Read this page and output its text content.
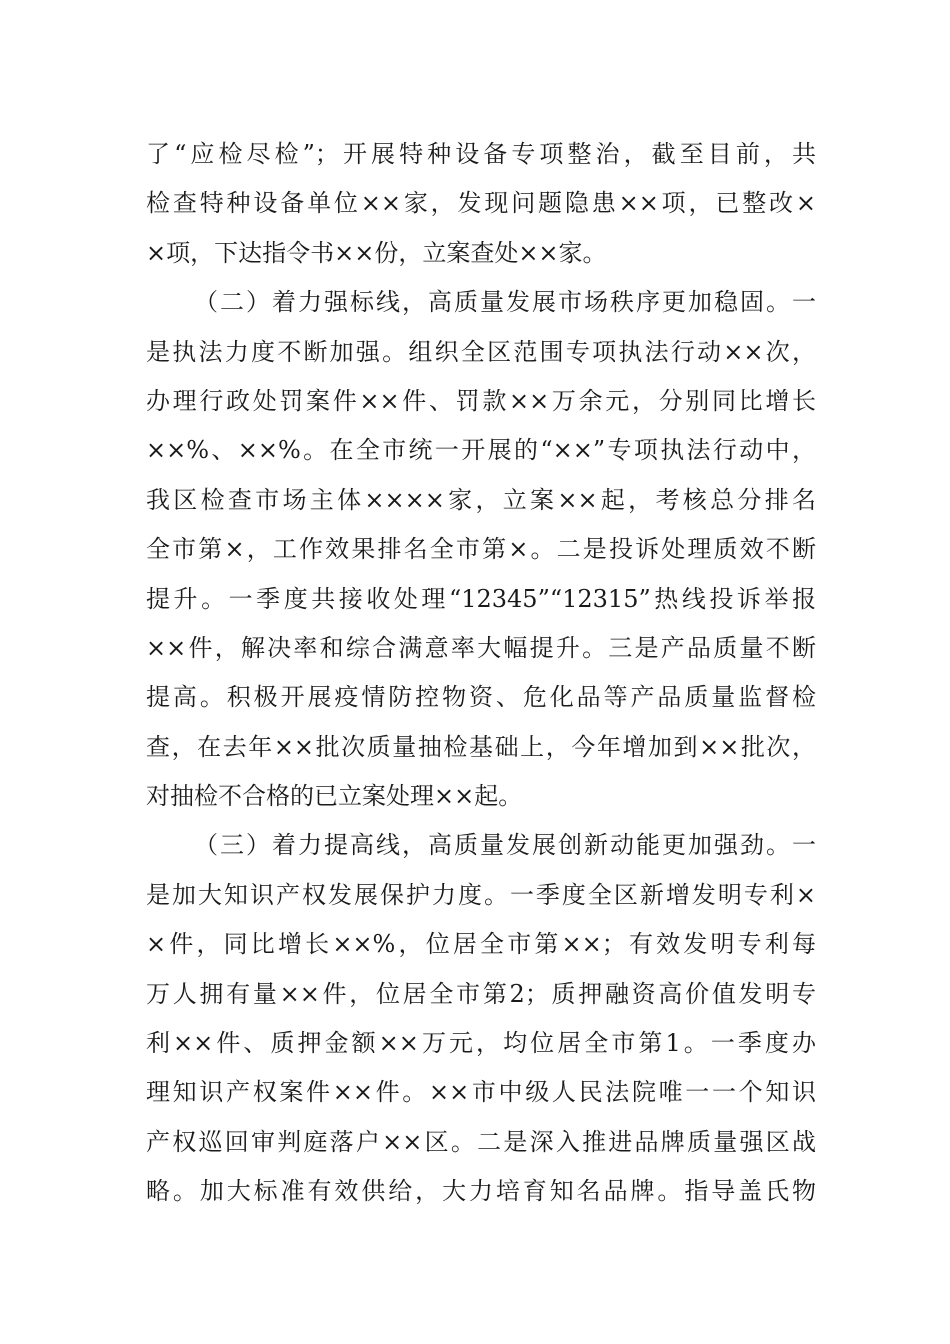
了“应检尽检”；开展特种设备专项整治，截至目前，共
检查特种设备单位××家，发现问题隐患××项，已整改×
×项，下达指令书××份，立案查处××家。
（二）着力强标线，高质量发展市场秩序更加稳固。一
是执法力度不断加强。组织全区范围专项执法行动××次，
办理行政处罚案件××件、罚款××万余元，分别同比增长
××%、××%。在全市统一开展的“××”专项执法行动中，
我区检查市场主体××××家，立案××起，考核总分排名
全市第×，工作效果排名全市第×。二是投诉处理质效不断
提升。一季度共接收处理“12345”“12315”热线投诉举报
××件，解决率和综合满意率大幅提升。三是产品质量不断
提高。积极开展疫情防控物资、危化品等产品质量监督检
查，在去年××批次质量抽检基础上，今年增加到××批次，
对抽检不合格的已立案处理××起。
（三）着力提高线，高质量发展创新动能更加强劲。一
是加大知识产权发展保护力度。一季度全区新增发明专利×
×件，同比增长××%，位居全市第××；有效发明专利每
万人拥有量××件，位居全市第2；质押融资高价值发明专
利××件、质押金额××万元，均位居全市第1。一季度办
理知识产权案件××件。××市中级人民法院唯一一个知识
产权巡回审判庭落户××区。二是深入推进品牌质量强区战
略。加大标准有效供给，大力培育知名品牌。指导盖氏物
